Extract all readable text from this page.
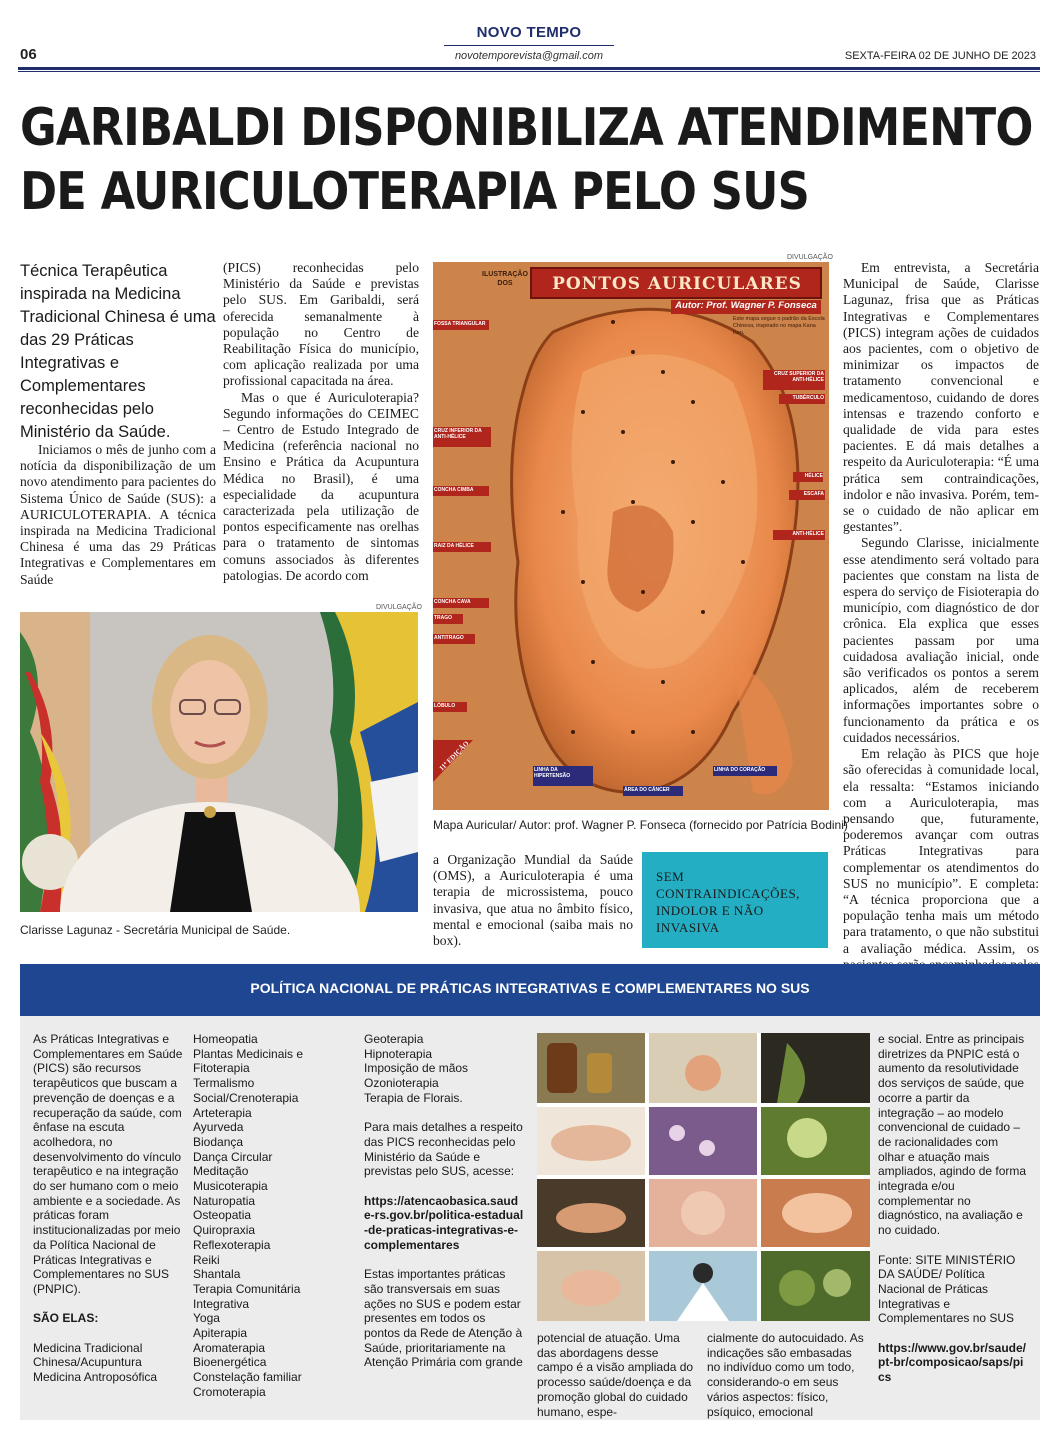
NOVO TEMPO
novotemporevista@gmail.com
06	SEXTA-FEIRA 02 DE JUNHO DE 2023
GARIBALDI DISPONIBILIZA ATENDIMENTO
DE AURICULOTERAPIA PELO SUS
Técnica Terapêutica inspirada na Medicina Tradicional Chinesa é uma das 29 Práticas Integrativas e Complementares reconhecidas pelo Ministério da Saúde.

Iniciamos o mês de junho com a notícia da disponibilização de um novo atendimento para pacientes do Sistema Único de Saúde (SUS): a AURICULOTERAPIA. A técnica inspirada na Medicina Tradicional Chinesa é uma das 29 Práticas Integrativas e Complementares em Saúde

(PICS) reconhecidas pelo Ministério da Saúde e previstas pelo SUS. Em Garibaldi, será oferecida semanalmente à população no Centro de Reabilitação Física do município, com aplicação realizada por uma profissional capacitada na área.

Mas o que é Auriculoterapia? Segundo informações do CEIMEC – Centro de Estudo Integrado de Medicina (referência nacional no Ensino e Prática da Acupuntura Médica no Brasil), é uma especialidade da acupuntura caracterizada pela utilização de pontos especificamente nas orelhas para o tratamento de sintomas comuns associados às diferentes patologias. De acordo com

DIVULGAÇÃO
Clarisse Lagunaz - Secretária Municipal de Saúde.
DIVULGAÇÃO
ILUSTRAÇÃO DOS	PONTOS AURICULARES
Autor: Prof. Wagner P. Fonseca
Este mapa segue o padrão da Escola Chinesa, inspirado no mapa Kana Ken.
11ª EDIÇÃO
FOSSA TRIANGULAR
CRUZ INFERIOR DA ANTI-HÉLICE
CONCHA CIMBA
RAIZ DA HÉLICE
CONCHA CAVA
TRAGO
ANTITRAGO
LÓBULO
CRUZ SUPERIOR DA ANTI-HÉLICE
TUBÉRCULO
HÉLICE
ESCAFA
ANTI-HÉLICE
LINHA DA HIPERTENSÃO
ÁREA DO CÂNCER
LINHA DO CORAÇÃO
Mapa Auricular/ Autor: prof. Wagner P. Fonseca (fornecido por Patrícia Bodini)

a Organização Mundial da Saúde (OMS), a Auriculoterapia é uma terapia de microssistema, pouco invasiva, que atua no âmbito físico, mental e emocional (saiba mais no box).

SEM CONTRAINDICAÇÕES, INDOLOR E NÃO INVASIVA

Em entrevista, a Secretária Municipal de Saúde, Clarisse Lagunaz, frisa que as Práticas Integrativas e Complementares (PICS) integram ações de cuidados aos pacientes, com o objetivo de minimizar os impactos de tratamento convencional e medicamentoso, cuidando de dores intensas e trazendo conforto e qualidade de vida para estes pacientes. E dá mais detalhes a respeito da Auriculoterapia: “É uma prática sem contraindicações, indolor e não invasiva. Porém, tem-se o cuidado de não aplicar em gestantes”.

Segundo Clarisse, inicialmente esse atendimento será voltado para pacientes que constam na lista de espera do serviço de Fisioterapia do município, com diagnóstico de dor crônica. Ela explica que esses pacientes passam por uma cuidadosa avaliação inicial, onde são verificados os pontos a serem aplicados, além de receberem informações importantes sobre o funcionamento da prática e os cuidados necessários.

Em relação às PICS que hoje são oferecidas à comunidade local, ela ressalta: “Estamos iniciando com a Auriculoterapia, mas pensando que, futuramente, poderemos avançar com outras Práticas Integrativas para complementar os atendimentos do SUS no município”. E completa: “A técnica proporciona que a população tenha mais um método para tratamento, o que não substitui a avaliação médica. Assim, os

POLÍTICA NACIONAL DE PRÁTICAS INTEGRATIVAS E COMPLEMENTARES NO SUS

As Práticas Integrativas e Complementares em Saúde (PICS) são recursos terapêuticos que buscam a prevenção de doenças e a recuperação da saúde, com ênfase na escuta acolhedora, no desenvolvimento do vínculo terapêutico e na integração do ser humano com o meio ambiente e a sociedade. As práticas foram institucionalizadas por meio da Política Nacional de Práticas Integrativas e Complementares no SUS (PNPIC).

SÃO ELAS:

Medicina Tradicional Chinesa/Acupuntura

Medicina Antroposófica

Homeopatia

Plantas Medicinais e Fitoterapia

Termalismo Social/Crenoterapia

Arteterapia

Ayurveda

Biodança

Dança Circular

Meditação

Musicoterapia

Naturopatia

Osteopatia

Quiropraxia

Reflexoterapia

Reiki

Shantala

Terapia Comunitária Integrativa

Yoga

Apiterapia

Aromaterapia

Bioenergética

Constelação familiar

Cromoterapia

Geoterapia

Hipnoterapia

Imposição de mãos

Ozonioterapia

Terapia de Florais.

Para mais detalhes a respeito das PICS reconhecidas pelo Ministério da Saúde e previstas pelo SUS, acesse:

https://atencaobasica.saude-rs.gov.br/politica-estadual-de-praticas-integrativas-e-complementares

Estas importantes práticas são transversais em suas ações no SUS e podem estar presentes em todos os pontos da Rede de Atenção à Saúde, prioritariamente na Atenção Primária com grande

potencial de atuação. Uma das abordagens desse campo é a visão ampliada do processo saúde/doença e da promoção global do cuidado humano, espe-

cialmente do autocuidado. As indicações são embasadas no indivíduo como um todo, considerando-o em seus vários aspectos: físico, psíquico, emocional

e social. Entre as principais diretrizes da PNPIC está o aumento da resolutividade dos serviços de saúde, que ocorre a partir da integração – ao modelo convencional de cuidado – de racionalidades com olhar e atuação mais ampliados, agindo de forma integrada e/ou complementar no diagnóstico, na avaliação e no cuidado.

Fonte: SITE MINISTÉRIO DA SAÚDE/ Política Nacional de Práticas Integrativas e Complementares no SUS

https://www.gov.br/saude/pt-br/composicao/saps/pics
